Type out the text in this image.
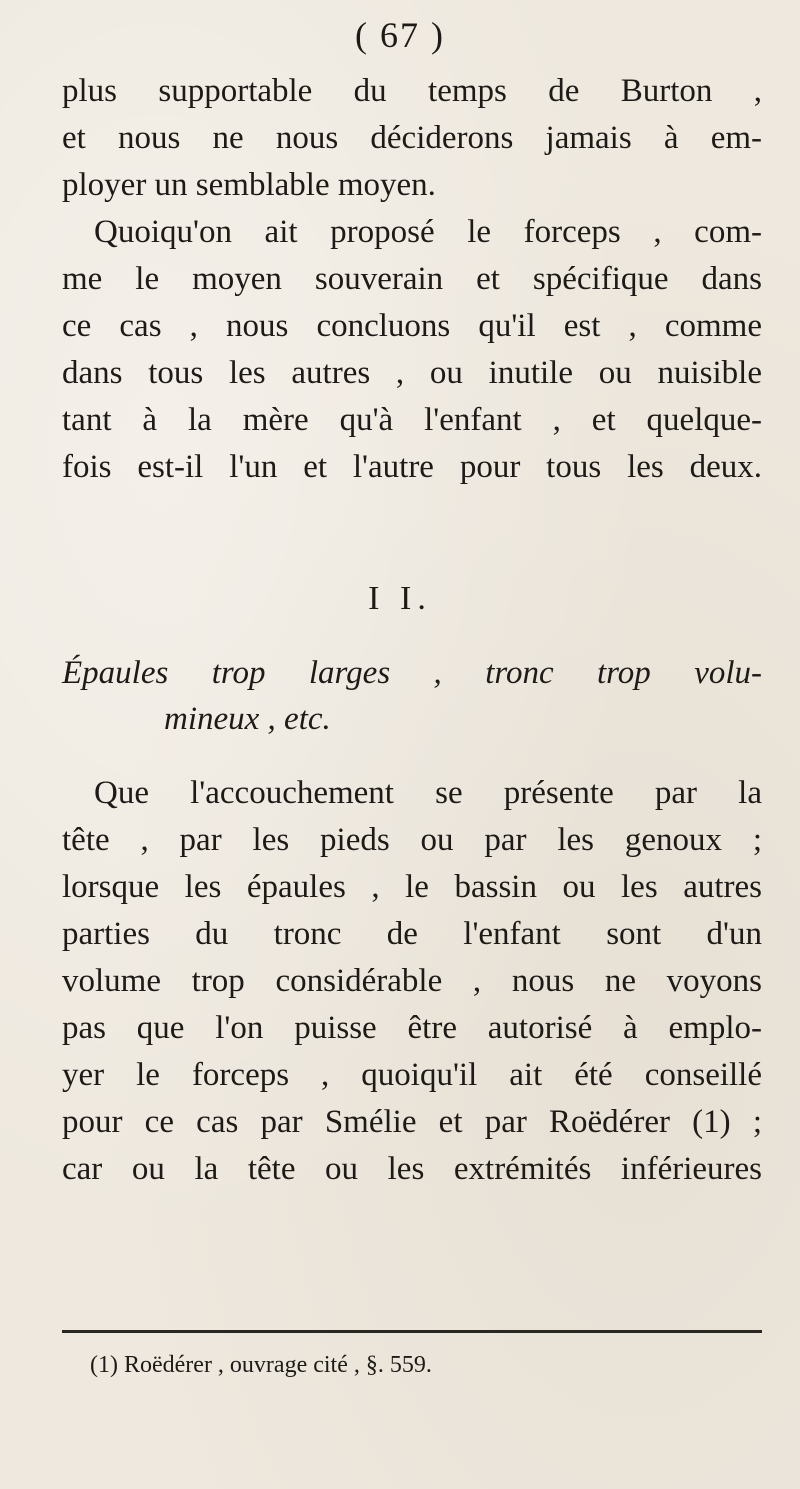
( 67 )
plus supportable du temps de Burton ,
et nous ne nous déciderons jamais à em-
ployer un semblable moyen.
Quoiqu'on ait proposé le forceps , com-
me le moyen souverain et spécifique dans
ce cas , nous concluons qu'il est , comme
dans tous les autres , ou inutile ou nuisible
tant à la mère qu'à l'enfant , et quelque-
fois est-il l'un et l'autre pour tous les deux.
I I.
Épaules trop larges , tronc trop volu-
mineux , etc.
Que l'accouchement se présente par la
tête , par les pieds ou par les genoux ;
lorsque les épaules , le bassin ou les autres
parties du tronc de l'enfant sont d'un
volume trop considérable , nous ne voyons
pas que l'on puisse être autorisé à emplo-
yer le forceps , quoiqu'il ait été conseillé
pour ce cas par Smélie et par Roëdérer (1) ;
car ou la tête ou les extrémités inférieures
(1) Roëdérer , ouvrage cité , §. 559.
